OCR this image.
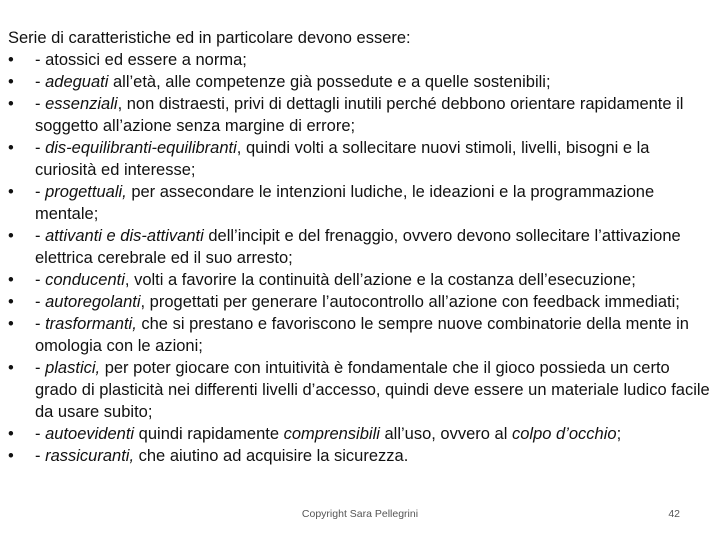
Serie di caratteristiche ed in particolare devono essere:

• - atossici ed essere a norma;
• - adeguati all’età, alle competenze già possedute e a quelle sostenibili;
• - essenziali, non distraesti, privi di dettagli inutili perché debbono orientare rapidamente il soggetto all’azione senza margine di errore;
• - dis-equilibranti-equilibranti, quindi volti a sollecitare nuovi stimoli, livelli, bisogni e la curiosità ed interesse;
• - progettuali, per assecondare le intenzioni ludiche, le ideazioni e la programmazione mentale;
• - attivanti e dis-attivanti dell’incipit e del frenaggio, ovvero devono sollecitare l’attivazione elettrica cerebrale ed il suo arresto;
• - conducenti, volti a favorire la continuità dell’azione e la costanza dell’esecuzione;
• - autoregolanti, progettati per generare l’autocontrollo all’azione con feedback immediati;
• - trasformanti, che si prestano e favoriscono le sempre nuove combinatorie della mente in omologia con le azioni;
• - plastici, per poter giocare con intuitività è fondamentale che il gioco possieda un certo grado di plasticità nei differenti livelli d’accesso, quindi deve essere un materiale ludico facile da usare subito;
• - autoevidenti quindi rapidamente comprensibili all’uso, ovvero al colpo d’occhio;
• - rassicuranti, che aiutino ad acquisire la sicurezza.
Copyright Sara Pellegrini	42
